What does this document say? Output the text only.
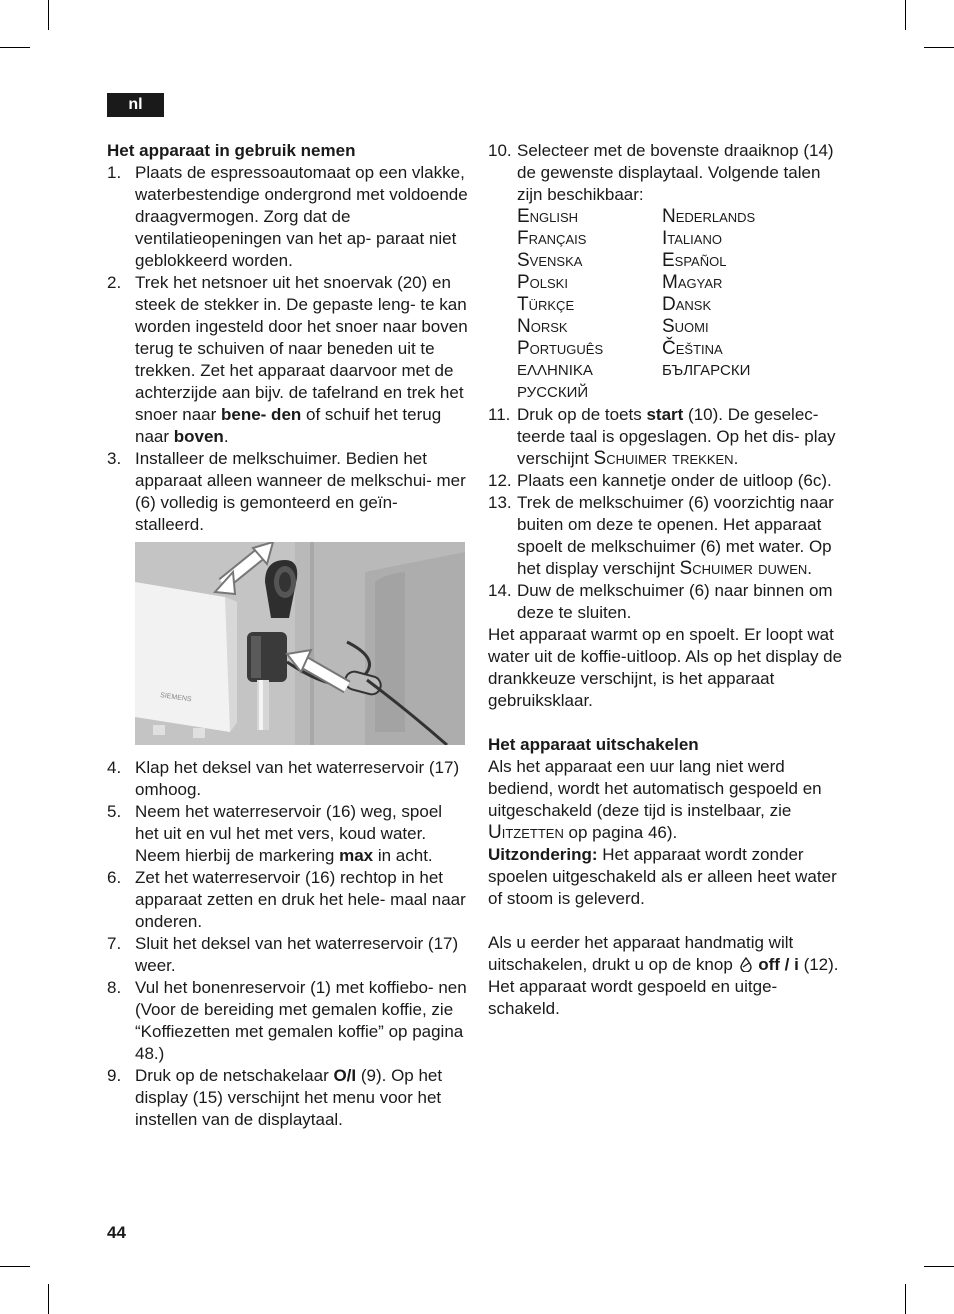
nl
Het apparaat in gebruik nemen
1. Plaats de espressoautomaat op een vlakke, waterbestendige ondergrond met voldoende draagvermogen. Zorg dat de ventilatieopeningen van het ap- paraat niet geblokkeerd worden.
2. Trek het netsnoer uit het snoervak (20) en steek de stekker in. De gepaste leng- te kan worden ingesteld door het snoer naar boven terug te schuiven of naar beneden uit te trekken. Zet het apparaat daarvoor met de achterzijde aan bijv. de tafelrand en trek het snoer naar bene- den of schuif het terug naar boven.
3. Installeer de melkschuimer. Bedien het apparaat alleen wanneer de melkschui- mer (6) volledig is gemonteerd en geïn- stalleerd.
SIEMENS
4. Klap het deksel van het waterreservoir (17) omhoog.
5. Neem het waterreservoir (16) weg, spoel het uit en vul het met vers, koud water. Neem hierbij de markering max in acht.
6. Zet het waterreservoir (16) rechtop in het apparaat zetten en druk het hele- maal naar onderen.
7. Sluit het deksel van het waterreservoir (17) weer.
8. Vul het bonenreservoir (1) met koffiebo- nen (Voor de bereiding met gemalen koffie, zie “Koffiezetten met gemalen koffie” op pagina 48.)
9. Druk op de netschakelaar O/I (9). Op het display (15) verschijnt het menu voor het instellen van de displaytaal.
10. Selecteer met de bovenste draaiknop (14) de gewenste displaytaal. Volgende talen zijn beschikbaar:
English	Nederlands
Français	Italiano
Svenska	Español
Polski	Magyar
Türkçe	Dansk
Norsk	Suomi
Português	Čeština
ΕΛΛΗΝΙΚΑ	БЪЛГАРСКИ
РУССКИЙ
11. Druk op de toets start (10). De geselec- teerde taal is opgeslagen. Op het dis- play verschijnt Schuimer trekken.
12. Plaats een kannetje onder de uitloop (6c).
13. Trek de melkschuimer (6) voorzichtig naar buiten om deze te openen. Het apparaat spoelt de melkschuimer (6) met water. Op het display verschijnt Schuimer duwen.
14. Duw de melkschuimer (6) naar binnen om deze te sluiten.

Het apparaat warmt op en spoelt. Er loopt wat water uit de koffie-uitloop. Als op het display de drankkeuze verschijnt, is het apparaat gebruiksklaar.

Het apparaat uitschakelen

Als het apparaat een uur lang niet werd bediend, wordt het automatisch gespoeld en uitgeschakeld (deze tijd is instelbaar, zie Uitzetten op pagina 46).

Uitzondering: Het apparaat wordt zonder spoelen uitgeschakeld als er alleen heet water of stoom is geleverd.

Als u eerder het apparaat handmatig wilt uitschakelen, drukt u op de knop  off / i (12). Het apparaat wordt gespoeld en uitge- schakeld.

44
